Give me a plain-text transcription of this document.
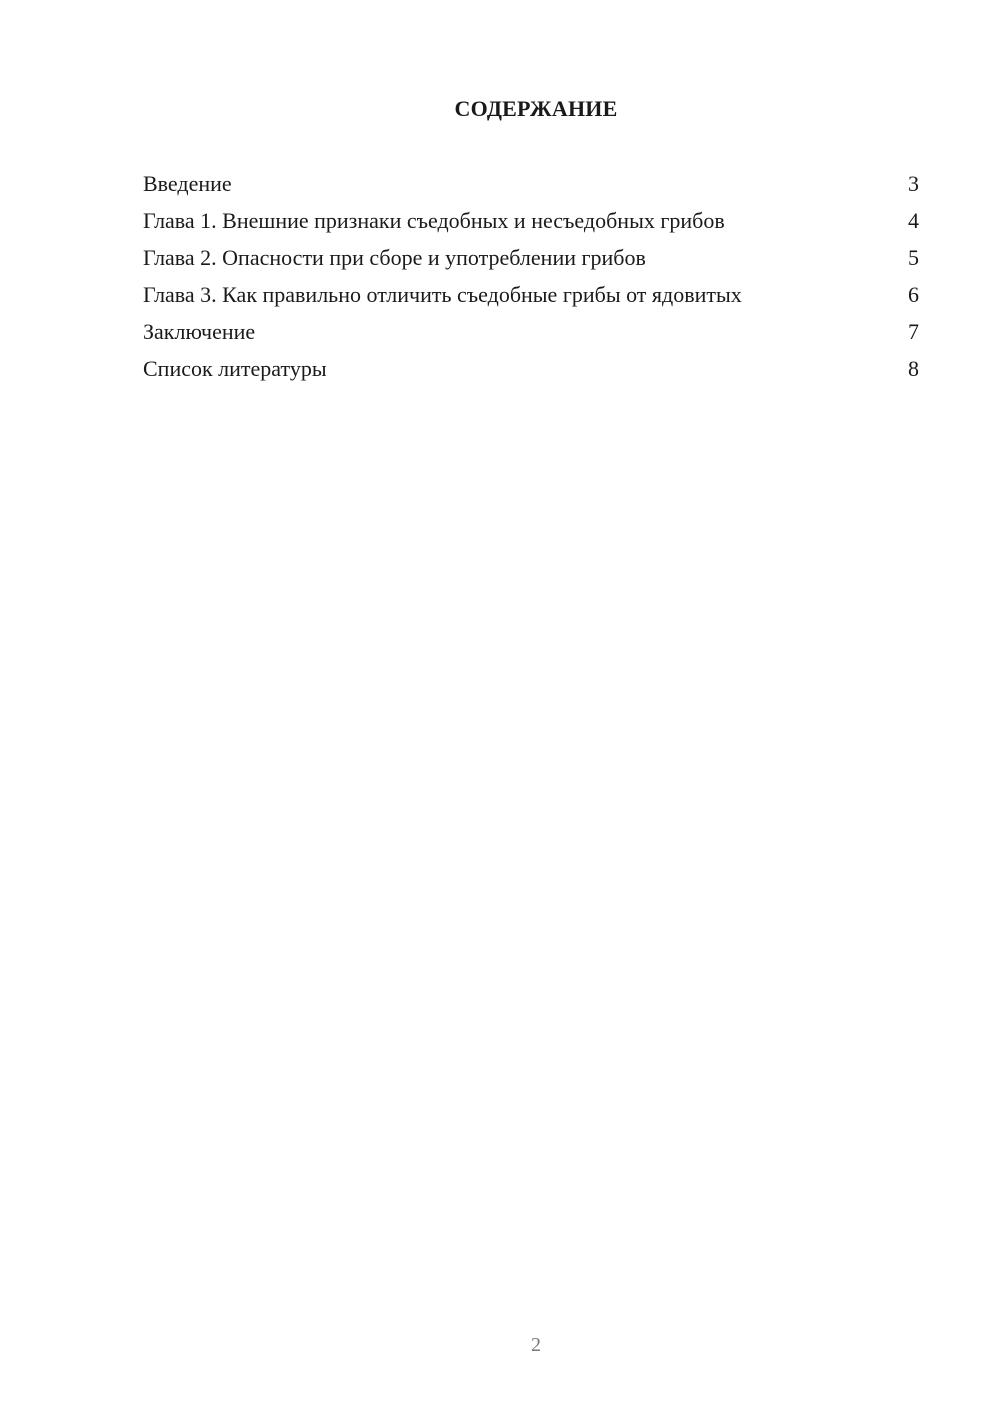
СОДЕРЖАНИЕ
Введение	3
Глава 1. Внешние признаки съедобных и несъедобных грибов	4
Глава 2. Опасности при сборе и употреблении грибов	5
Глава 3. Как правильно отличить съедобные грибы от ядовитых	6
Заключение	7
Список литературы	8
2
